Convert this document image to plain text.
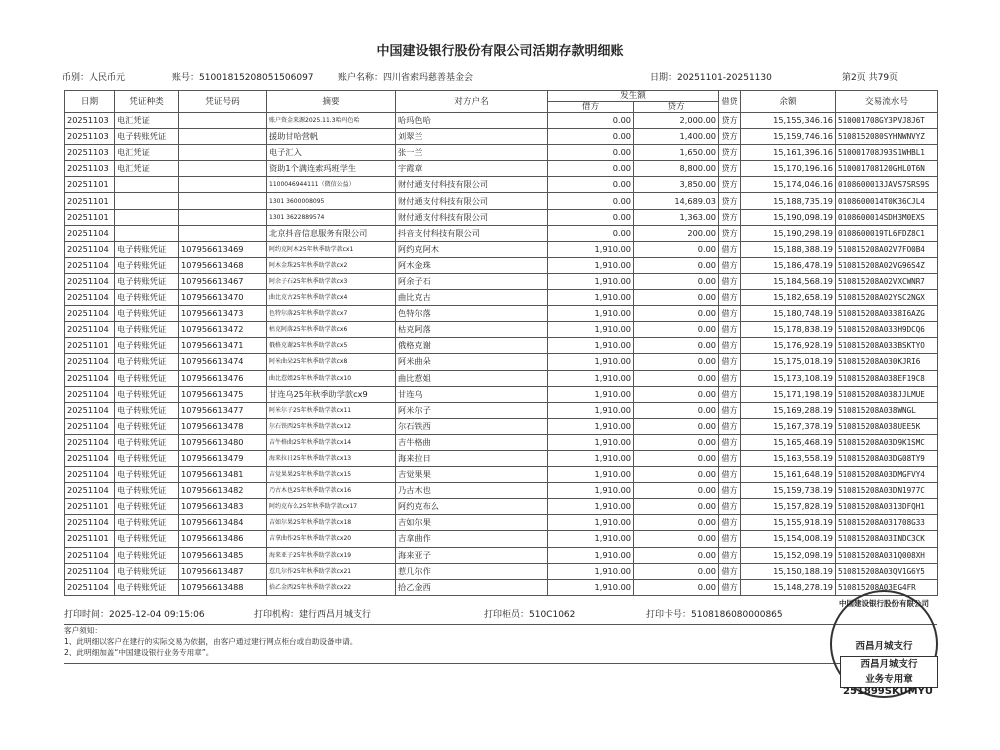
中国建设银行股份有限公司活期存款明细账
币别：人民币元	账号：51001815208051506097	账户名称：四川省索玛慈善基金会	日期：20251101-20251130	第2页 共79页
日期	凭证种类	凭证号码	摘要	对方户名	发生额		借贷	余额	交易流水号
					借方	贷方			
20251103	电汇凭证		账户资金来源2025.11.3哈玛色哈	哈玛色哈	0.00	2,000.00	贷方	15,155,346.16	510001708GY3PVJ8J6T
20251103	电子转账凭证		援助甘哈营帆	刘翠兰	0.00	1,400.00	贷方	15,159,746.16	5108152080SYHNWNVYZ
20251103	电汇凭证		电子汇入	张一兰	0.00	1,650.00	贷方	15,161,396.16	510001708J93S1WHBL1
20251103	电汇凭证		资助1个满连索玛班学生	宇霞章	0.00	8,800.00	贷方	15,170,196.16	510001708120GHL0T6N
20251101			1100046944111（微信公益）	财付通支付科技有限公司	0.00	3,850.00	贷方	15,174,046.16	0108600013JAVS7SRS9S
20251101			1301 3600008095	财付通支付科技有限公司	0.00	14,689.03	贷方	15,188,735.19	0108600014T0K36CJL4
20251101			1301 3622889574	财付通支付科技有限公司	0.00	1,363.00	贷方	15,190,098.19	0108600014SDH3M0EXS
20251104			北京抖音信息服务有限公司	抖音支付科技有限公司	0.00	200.00	贷方	15,190,298.19	0108600019TL6FDZ8C1
20251104	电子转账凭证	107956613469	阿约克阿木25年秋季助学款cx1	阿约克阿木	1,910.00	0.00	借方	15,188,388.19	510815208A02V7FO0B4
20251104	电子转账凭证	107956613468	阿木金珠25年秋季助学款cx2	阿木金珠	1,910.00	0.00	借方	15,186,478.19	510815208A02VG96S4Z
20251104	电子转账凭证	107956613467	阿余子石25年秋季助学款cx3	阿余子石	1,910.00	0.00	借方	15,184,568.19	510815208A02VXCWNR7
20251104	电子转账凭证	107956613470	曲比克古25年秋季助学款cx4	曲比克古	1,910.00	0.00	借方	15,182,658.19	510815208A02YSC2NGX
20251104	电子转账凭证	107956613473	色特尔落25年秋季助学款cx7	色特尔落	1,910.00	0.00	借方	15,180,748.19	510815208A0338I6AZG
20251104	电子转账凭证	107956613472	枯克阿落25年秋季助学款cx6	枯克阿落	1,910.00	0.00	借方	15,178,838.19	510815208A033H9DCQ6
20251101	电子转账凭证	107956613471	俄格克谢25年秋季助学款cx5	俄格克谢	1,910.00	0.00	借方	15,176,928.19	510815208A033BSKTYO
20251104	电子转账凭证	107956613474	阿米曲朵25年秋季助学款cx8	阿米曲朵	1,910.00	0.00	借方	15,175,018.19	510815208A030KJRI6
20251104	电子转账凭证	107956613476	曲比惹姐25年秋季助学款cx10	曲比惹姐	1,910.00	0.00	借方	15,173,108.19	510815208A038EF19C8
20251104	电子转账凭证	107956613475	甘连乌25年秋季助学款cx9	甘连乌	1,910.00	0.00	借方	15,171,198.19	510815208A038JJLMUE
20251104	电子转账凭证	107956613477	阿米尔子25年秋季助学款cx11	阿米尔子	1,910.00	0.00	借方	15,169,288.19	510815208A038WNGL
20251104	电子转账凭证	107956613478	尔石铁西25年秋季助学款cx12	尔石铁西	1,910.00	0.00	借方	15,167,378.19	510815208A038UEE5K
20251104	电子转账凭证	107956613480	吉牛格曲25年秋季助学款cx14	吉牛格曲	1,910.00	0.00	借方	15,165,468.19	510815208A03D9K1SMC
20251104	电子转账凭证	107956613479	海来拉日25年秋季助学款cx13	海来拉日	1,910.00	0.00	借方	15,163,558.19	510815208A03DG08TY9
20251104	电子转账凭证	107956613481	吉觉果果25年秋季助学款cx15	吉觉果果	1,910.00	0.00	借方	15,161,648.19	510815208A03DMGFVY4
20251104	电子转账凭证	107956613482	乃古木也25年秋季助学款cx16	乃古木也	1,910.00	0.00	借方	15,159,738.19	510815208A03DN1977C
20251101	电子转账凭证	107956613483	阿约克布么25年秋季助学款cx17	阿约克布么	1,910.00	0.00	借方	15,157,828.19	510815208A0313DFQH1
20251104	电子转账凭证	107956613484	吉如尔果25年秋季助学款cx18	吉如尔果	1,910.00	0.00	借方	15,155,918.19	510815208A031708G33
20251101	电子转账凭证	107956613486	吉拿曲作25年秋季助学款cx20	吉拿曲作	1,910.00	0.00	借方	15,154,008.19	510815208A03INDC3CK
20251104	电子转账凭证	107956613485	海来亚子25年秋季助学款cx19	海来亚子	1,910.00	0.00	借方	15,152,098.19	510815208A031Q008XH
20251104	电子转账凭证	107956613487	惹几尔作25年秋季助学款cx21	惹几尔作	1,910.00	0.00	借方	15,150,188.19	510815208A03QV1G6Y5
20251104	电子转账凭证	107956613488	拾乙金西25年秋季助学款cx22	拾乙金西	1,910.00	0.00	借方	15,148,278.19	510815208A03EG4FR
打印时间：2025-12-04 09:15:06	打印机构：建行西昌月城支行	打印柜员：510C1062	打印卡号：5108186080000865
客户须知：
1、此明细以客户在建行的实际交易为依据，由客户通过建行网点柜台或自助设备申请。
2、此明细加盖“中国建设银行业务专用章”。
中国建设银行股份有限公司
西昌月城支行
西昌月城支行
业务专用章
251899SKUMYU
